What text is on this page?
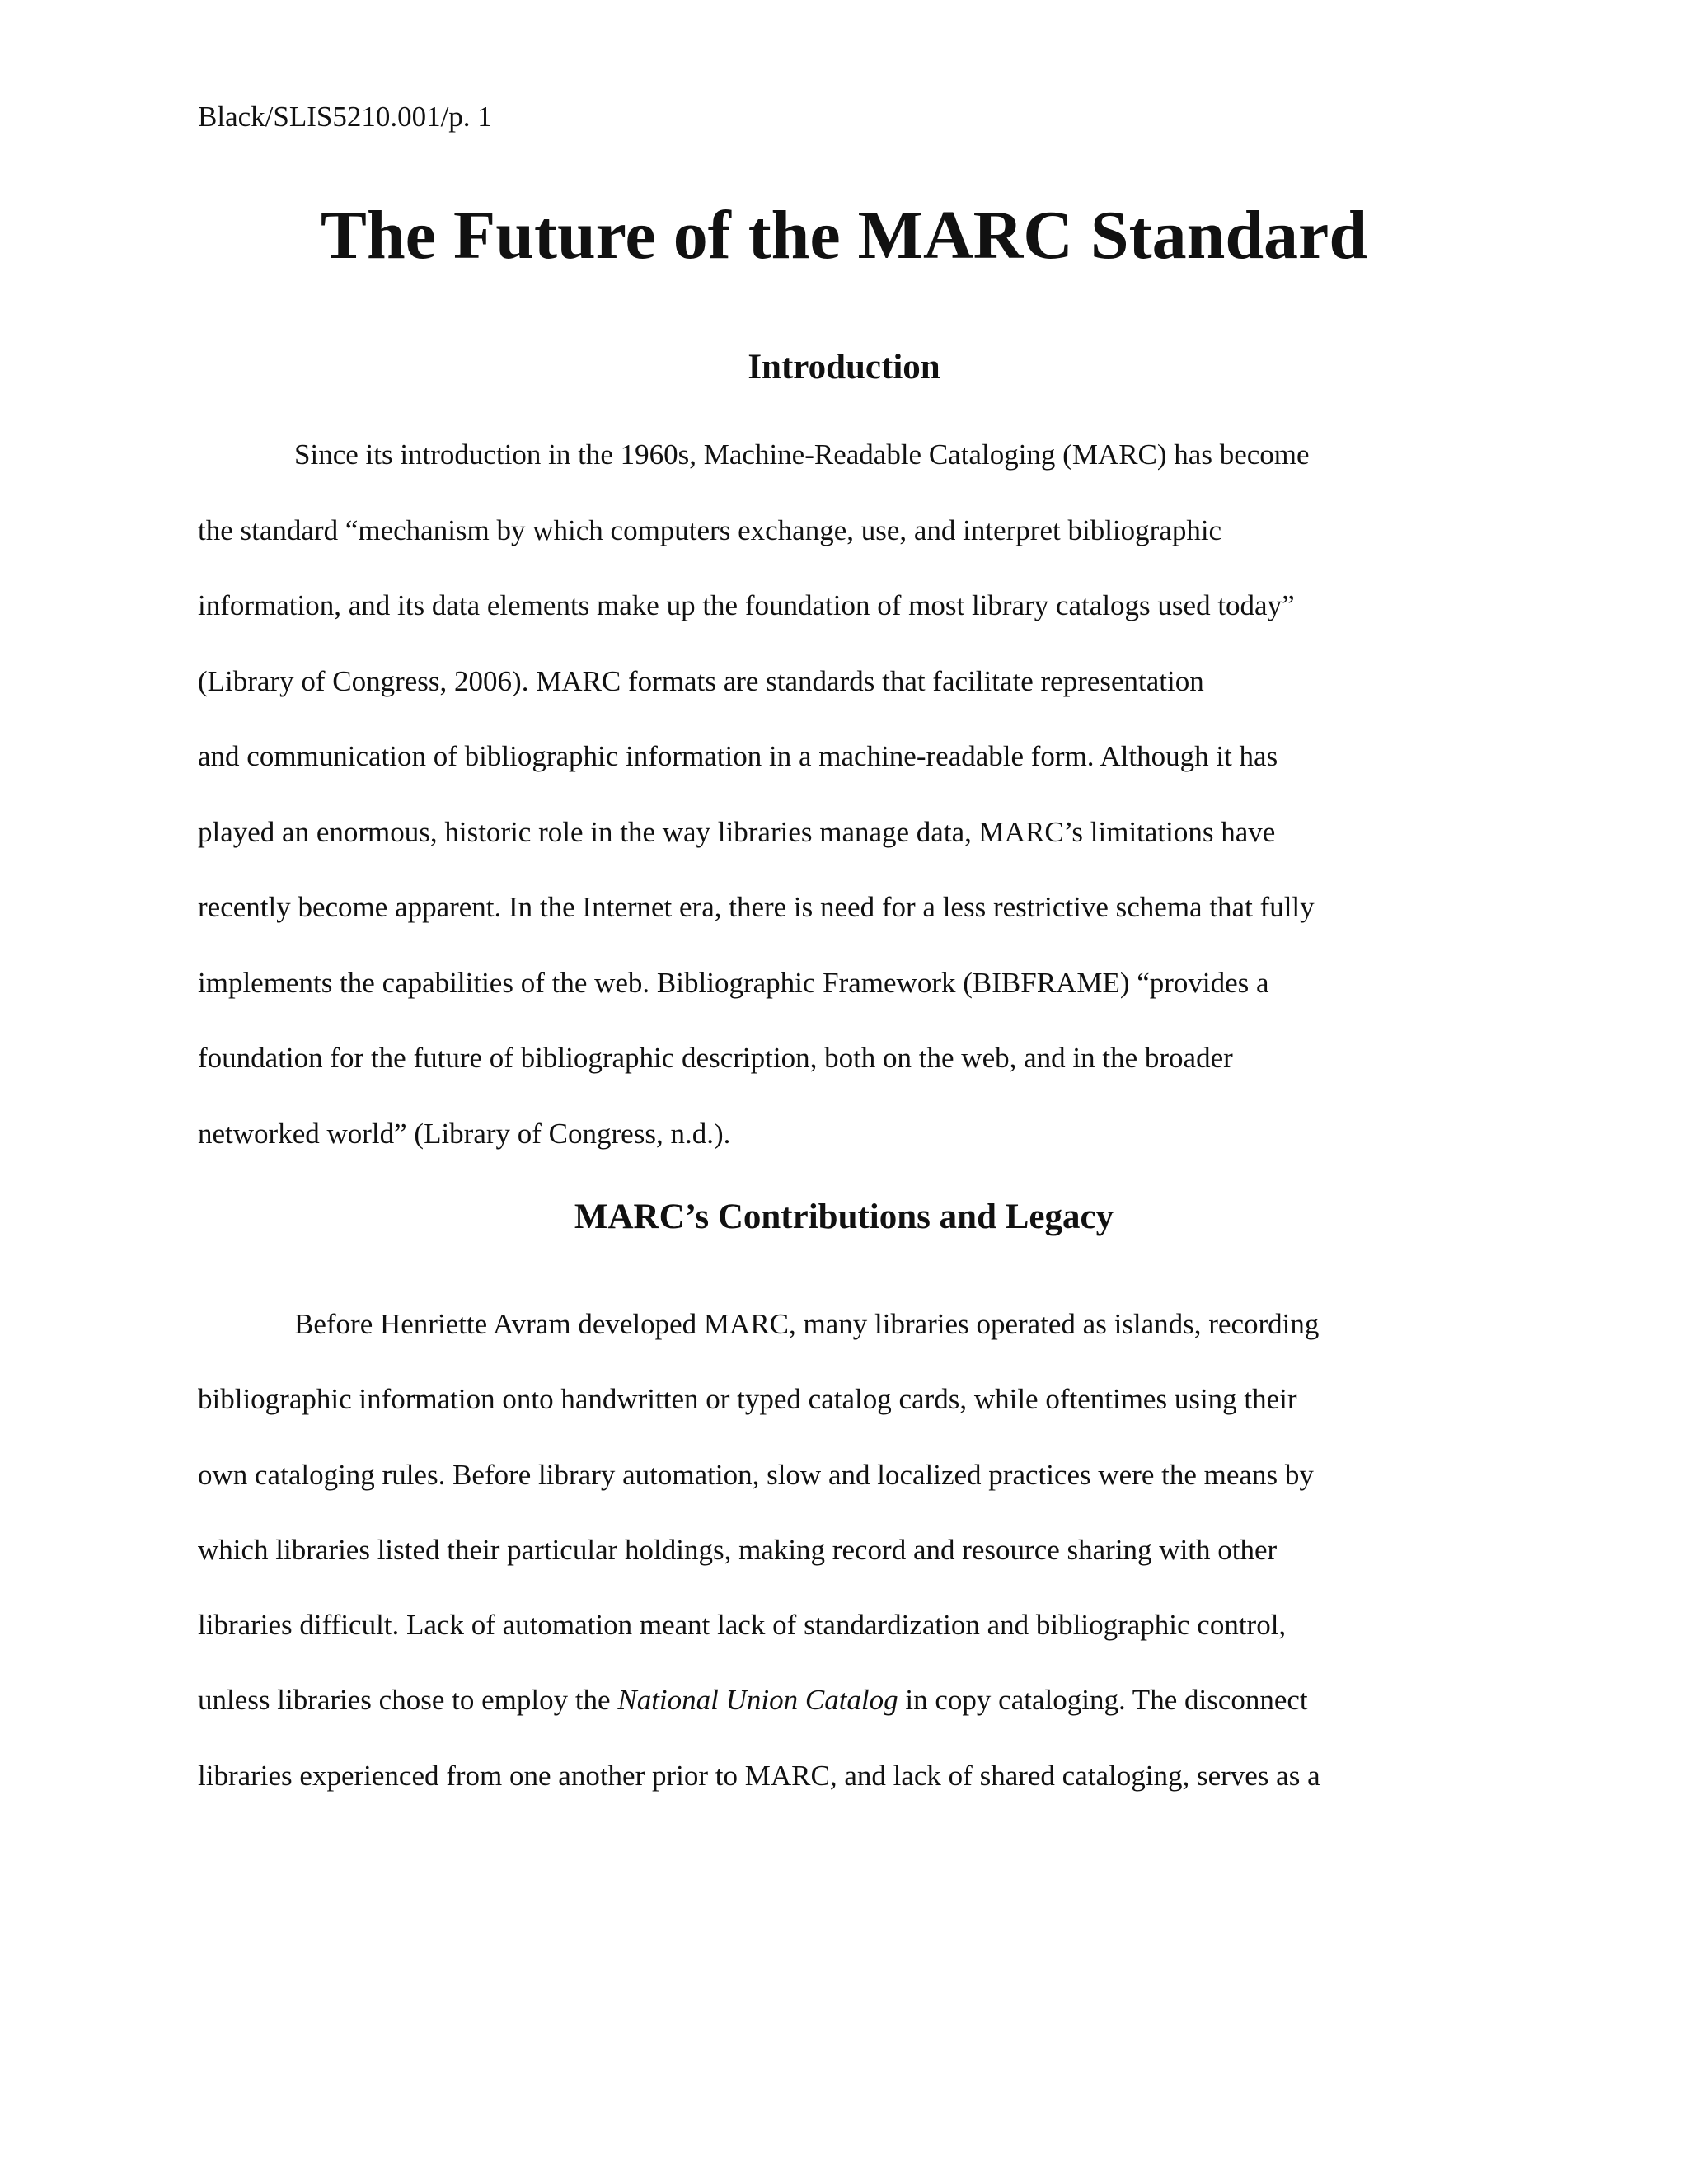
Black/SLIS5210.001/p. 1
The Future of the MARC Standard
Introduction
Since its introduction in the 1960s, Machine-Readable Cataloging (MARC) has become
the standard “mechanism by which computers exchange, use, and interpret bibliographic
information, and its data elements make up the foundation of most library catalogs used today”
(Library of Congress, 2006). MARC formats are standards that facilitate representation
and communication of bibliographic information in a machine-readable form. Although it has
played an enormous, historic role in the way libraries manage data, MARC’s limitations have
recently become apparent. In the Internet era, there is need for a less restrictive schema that fully
implements the capabilities of the web. Bibliographic Framework (BIBFRAME) “provides a
foundation for the future of bibliographic description, both on the web, and in the broader
networked world” (Library of Congress, n.d.).
MARC’s Contributions and Legacy
Before Henriette Avram developed MARC, many libraries operated as islands, recording
bibliographic information onto handwritten or typed catalog cards, while oftentimes using their
own cataloging rules. Before library automation, slow and localized practices were the means by
which libraries listed their particular holdings, making record and resource sharing with other
libraries difficult. Lack of automation meant lack of standardization and bibliographic control,
unless libraries chose to employ the National Union Catalog in copy cataloging. The disconnect
libraries experienced from one another prior to MARC, and lack of shared cataloging, serves as a
